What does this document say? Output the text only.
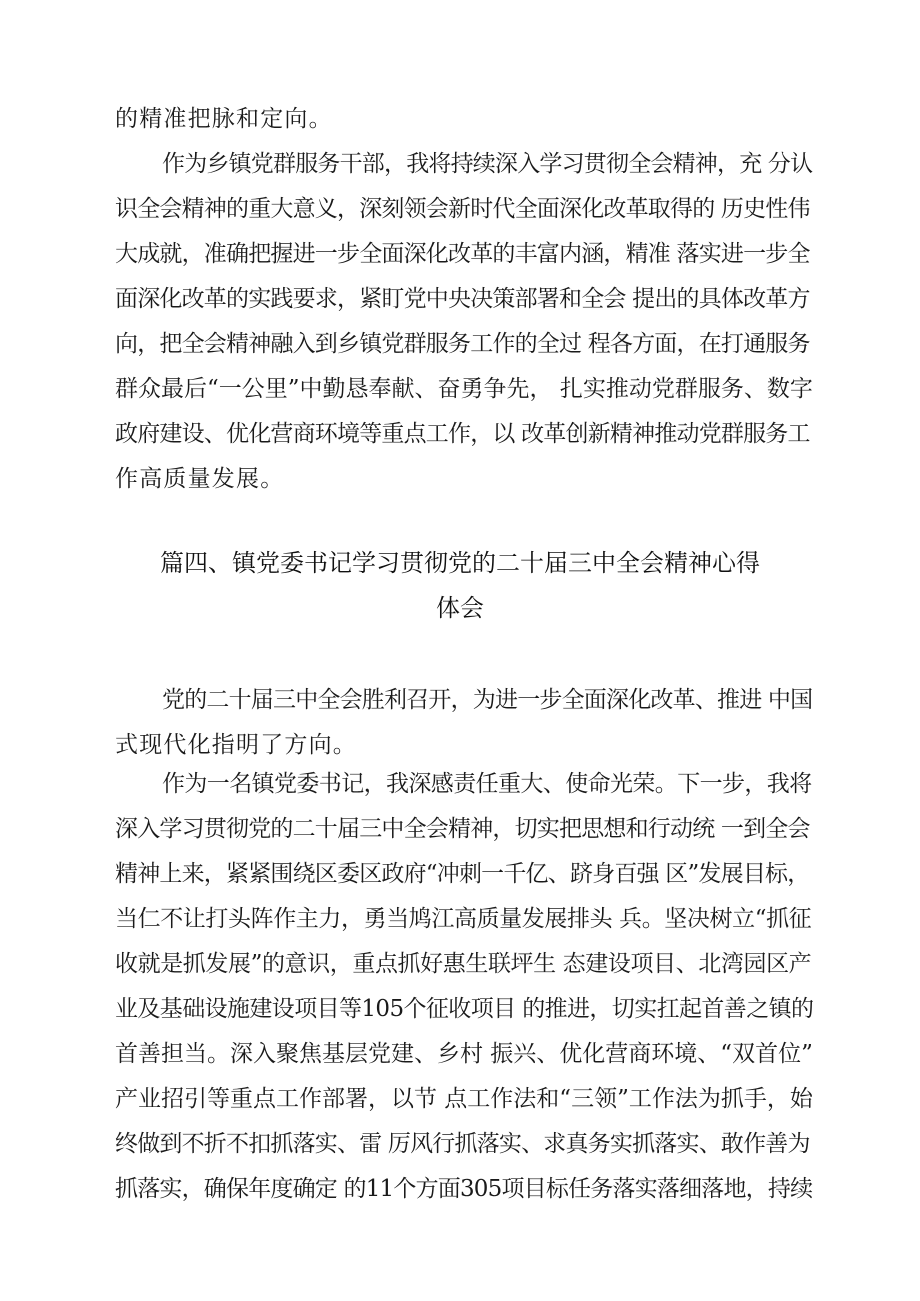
的精准把脉和定向。
作为乡镇党群服务干部，我将持续深入学习贯彻全会精神，充 分认
识全会精神的重大意义，深刻领会新时代全面深化改革取得的 历史性伟
大成就，准确把握进一步全面深化改革的丰富内涵，精准 落实进一步全
面深化改革的实践要求，紧盯党中央决策部署和全会 提出的具体改革方
向，把全会精神融入到乡镇党群服务工作的全过 程各方面，在打通服务
群众最后“一公里”中勤恳奉献、奋勇争先， 扎实推动党群服务、数字
政府建设、优化营商环境等重点工作，以 改革创新精神推动党群服务工
作高质量发展。
篇四、镇党委书记学习贯彻党的二十届三中全会精神心得
体会
党的二十届三中全会胜利召开，为进一步全面深化改革、推进 中国
式现代化指明了方向。
作为一名镇党委书记，我深感责任重大、使命光荣。下一步，我将
深入学习贯彻党的二十届三中全会精神，切实把思想和行动统 一到全会
精神上来，紧紧围绕区委区政府“冲刺一千亿、跻身百强 区”发展目标，
当仁不让打头阵作主力，勇当鸠江高质量发展排头 兵。坚决树立“抓征
收就是抓发展”的意识，重点抓好惠生联坪生 态建设项目、北湾园区产
业及基础设施建设项目等105个征收项目 的推进，切实扛起首善之镇的
首善担当。深入聚焦基层党建、乡村 振兴、优化营商环境、“双首位”
产业招引等重点工作部署，以节 点工作法和“三领”工作法为抓手，始
终做到不折不扣抓落实、雷 厉风行抓落实、求真务实抓落实、敢作善为
抓落实，确保年度确定 的11个方面305项目标任务落实落细落地，持续
